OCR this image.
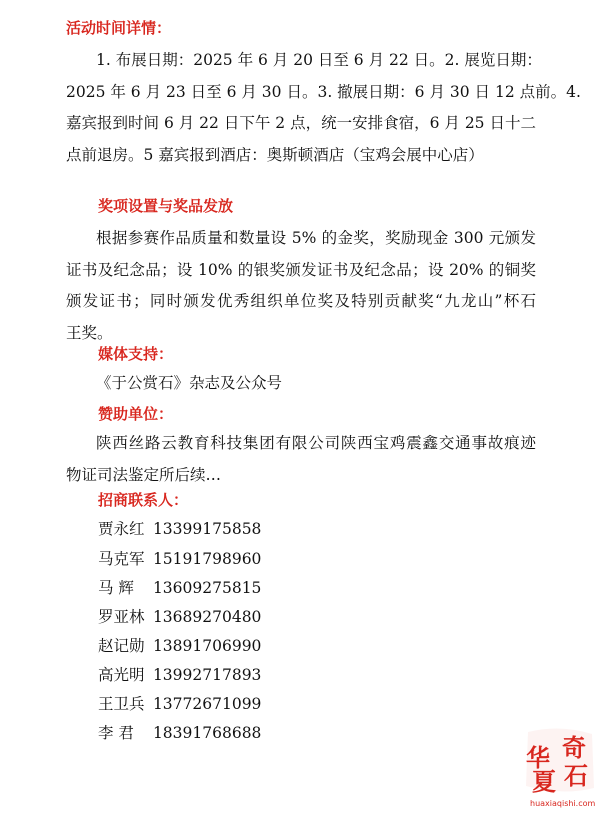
活动时间详情：
1. 布展日期：2025 年 6 月 20 日至 6 月 22 日。2. 展览日期：
2025 年 6 月 23 日至 6 月 30 日。3. 撤展日期：6 月 30 日 12 点前。4.
嘉宾报到时间 6 月 22 日下午 2 点，统一安排食宿，6 月 25 日十二
点前退房。5 嘉宾报到酒店：奥斯顿酒店（宝鸡会展中心店）
奖项设置与奖品发放
根据参赛作品质量和数量设 5% 的金奖，奖励现金 300 元颁发
证书及纪念品；设 10% 的银奖颁发证书及纪念品；设 20% 的铜奖
颁发证书；同时颁发优秀组织单位奖及特别贡献奖“九龙山”杯石
王奖。
媒体支持：
《于公赏石》杂志及公众号
赞助单位：
陕西丝路云教育科技集团有限公司陕西宝鸡震鑫交通事故痕迹
物证司法鉴定所后续…
招商联系人：
贾永红 13399175858
马克军 15191798960
马 辉 13609275815
罗亚林 13689270480
赵记勋 13891706990
高光明 13992717893
王卫兵 13772671099
李 君 18391768688
奇
华
夏 石
huaxiaqishi.com
